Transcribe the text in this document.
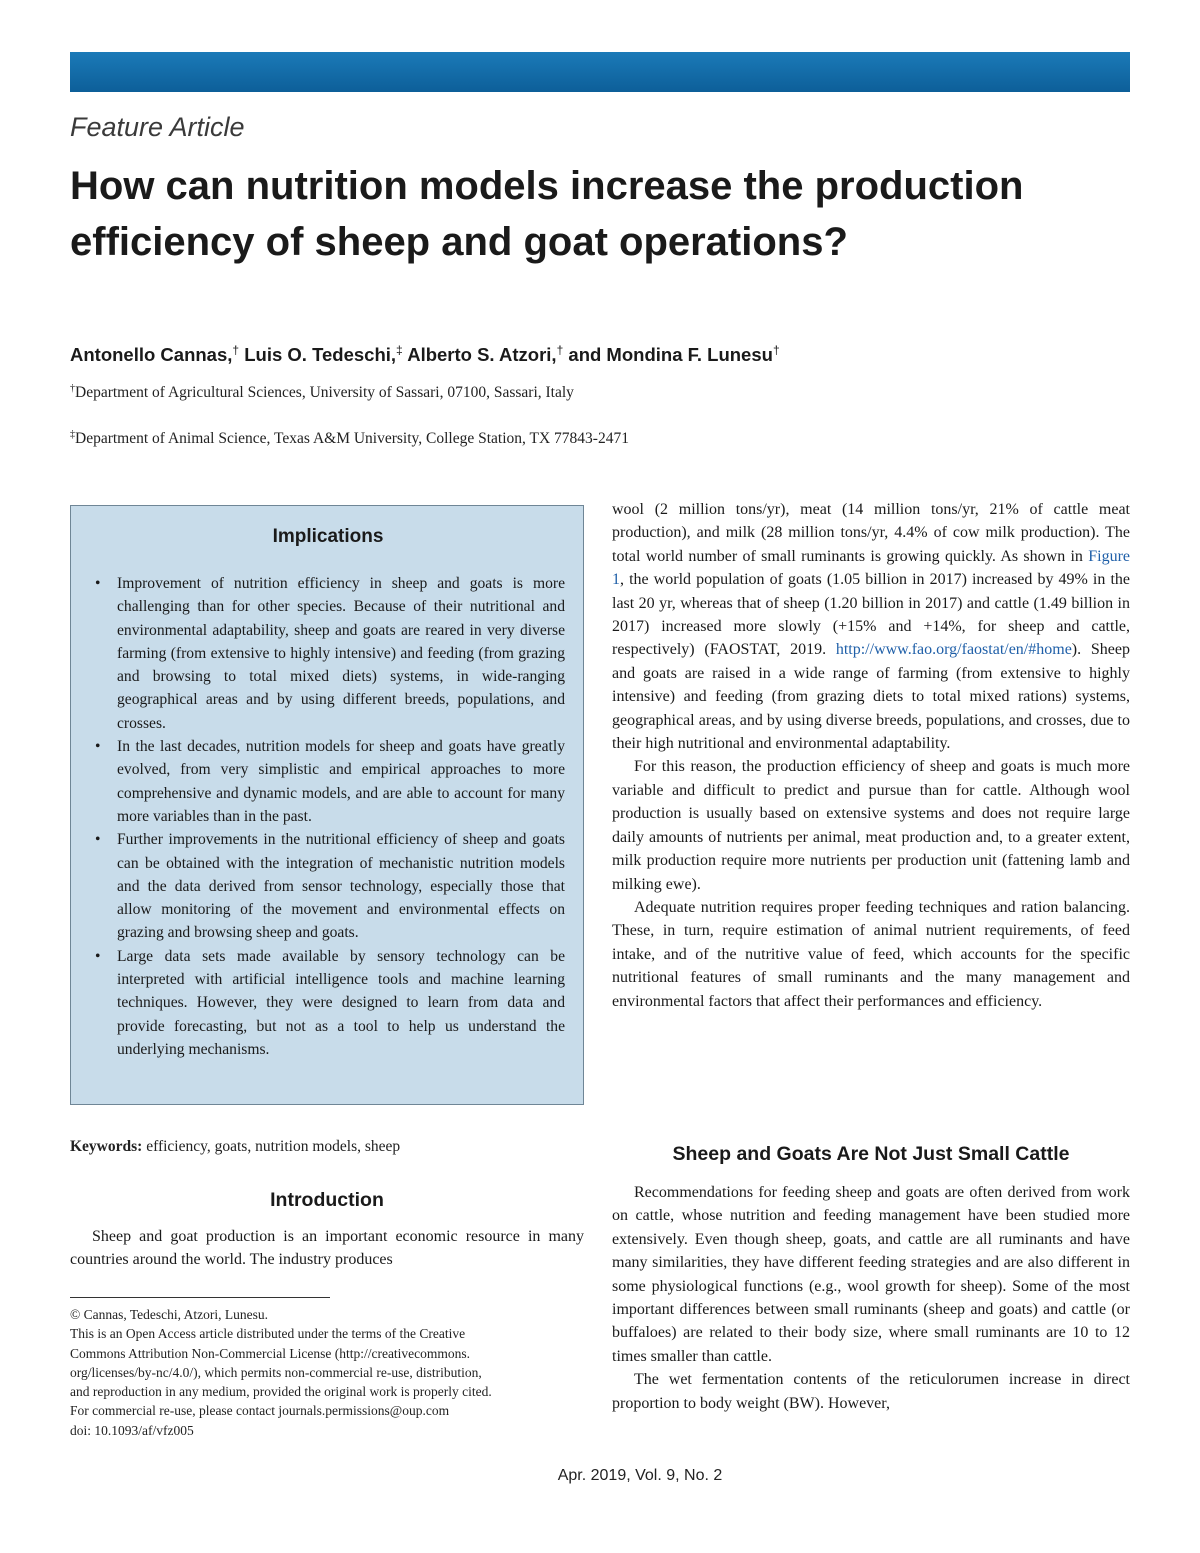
Feature Article
How can nutrition models increase the production efficiency of sheep and goat operations?
Antonello Cannas,† Luis O. Tedeschi,‡ Alberto S. Atzori,† and Mondina F. Lunesu†
†Department of Agricultural Sciences, University of Sassari, 07100, Sassari, Italy
‡Department of Animal Science, Texas A&M University, College Station, TX 77843-2471
Implications
• Improvement of nutrition efficiency in sheep and goats is more challenging than for other species. Because of their nutritional and environmental adaptability, sheep and goats are reared in very diverse farming (from extensive to highly intensive) and feeding (from grazing and browsing to total mixed diets) systems, in wide-ranging geographical areas and by using different breeds, populations, and crosses.
• In the last decades, nutrition models for sheep and goats have greatly evolved, from very simplistic and empirical approaches to more comprehensive and dynamic models, and are able to account for many more variables than in the past.
• Further improvements in the nutritional efficiency of sheep and goats can be obtained with the integration of mechanistic nutrition models and the data derived from sensor technology, especially those that allow monitoring of the movement and environmental effects on grazing and browsing sheep and goats.
• Large data sets made available by sensory technology can be interpreted with artificial intelligence tools and machine learning techniques. However, they were designed to learn from data and provide forecasting, but not as a tool to help us understand the underlying mechanisms.
Keywords: efficiency, goats, nutrition models, sheep
Introduction

Sheep and goat production is an important economic resource in many countries around the world. The industry produces

© Cannas, Tedeschi, Atzori, Lunesu.
This is an Open Access article distributed under the terms of the Creative
Commons Attribution Non-Commercial License (http://creativecommons.
org/licenses/by-nc/4.0/), which permits non-commercial re-use, distribution,
and reproduction in any medium, provided the original work is properly cited.
For commercial re-use, please contact journals.permissions@oup.com
doi: 10.1093/af/vfz005

wool (2 million tons/yr), meat (14 million tons/yr, 21% of cattle meat production), and milk (28 million tons/yr, 4.4% of cow milk production). The total world number of small ruminants is growing quickly. As shown in Figure 1, the world population of goats (1.05 billion in 2017) increased by 49% in the last 20 yr, whereas that of sheep (1.20 billion in 2017) and cattle (1.49 billion in 2017) increased more slowly (+15% and +14%, for sheep and cattle, respectively) (FAOSTAT, 2019. http://www.fao.org/faostat/en/#home). Sheep and goats are raised in a wide range of farming (from extensive to highly intensive) and feeding (from grazing diets to total mixed rations) systems, geographical areas, and by using diverse breeds, populations, and crosses, due to their high nutritional and environmental adaptability.

For this reason, the production efficiency of sheep and goats is much more variable and difficult to predict and pursue than for cattle. Although wool production is usually based on extensive systems and does not require large daily amounts of nutrients per animal, meat production and, to a greater extent, milk production require more nutrients per production unit (fattening lamb and milking ewe).

Adequate nutrition requires proper feeding techniques and ration balancing. These, in turn, require estimation of animal nutrient requirements, of feed intake, and of the nutritive value of feed, which accounts for the specific nutritional features of small ruminants and the many management and environmental factors that affect their performances and efficiency.

Sheep and Goats Are Not Just Small Cattle

Recommendations for feeding sheep and goats are often derived from work on cattle, whose nutrition and feeding management have been studied more extensively. Even though sheep, goats, and cattle are all ruminants and have many similarities, they have different feeding strategies and are also different in some physiological functions (e.g., wool growth for sheep). Some of the most important differences between small ruminants (sheep and goats) and cattle (or buffaloes) are related to their body size, where small ruminants are 10 to 12 times smaller than cattle.

The wet fermentation contents of the reticulorumen increase in direct proportion to body weight (BW). However,

Apr. 2019, Vol. 9, No. 2
